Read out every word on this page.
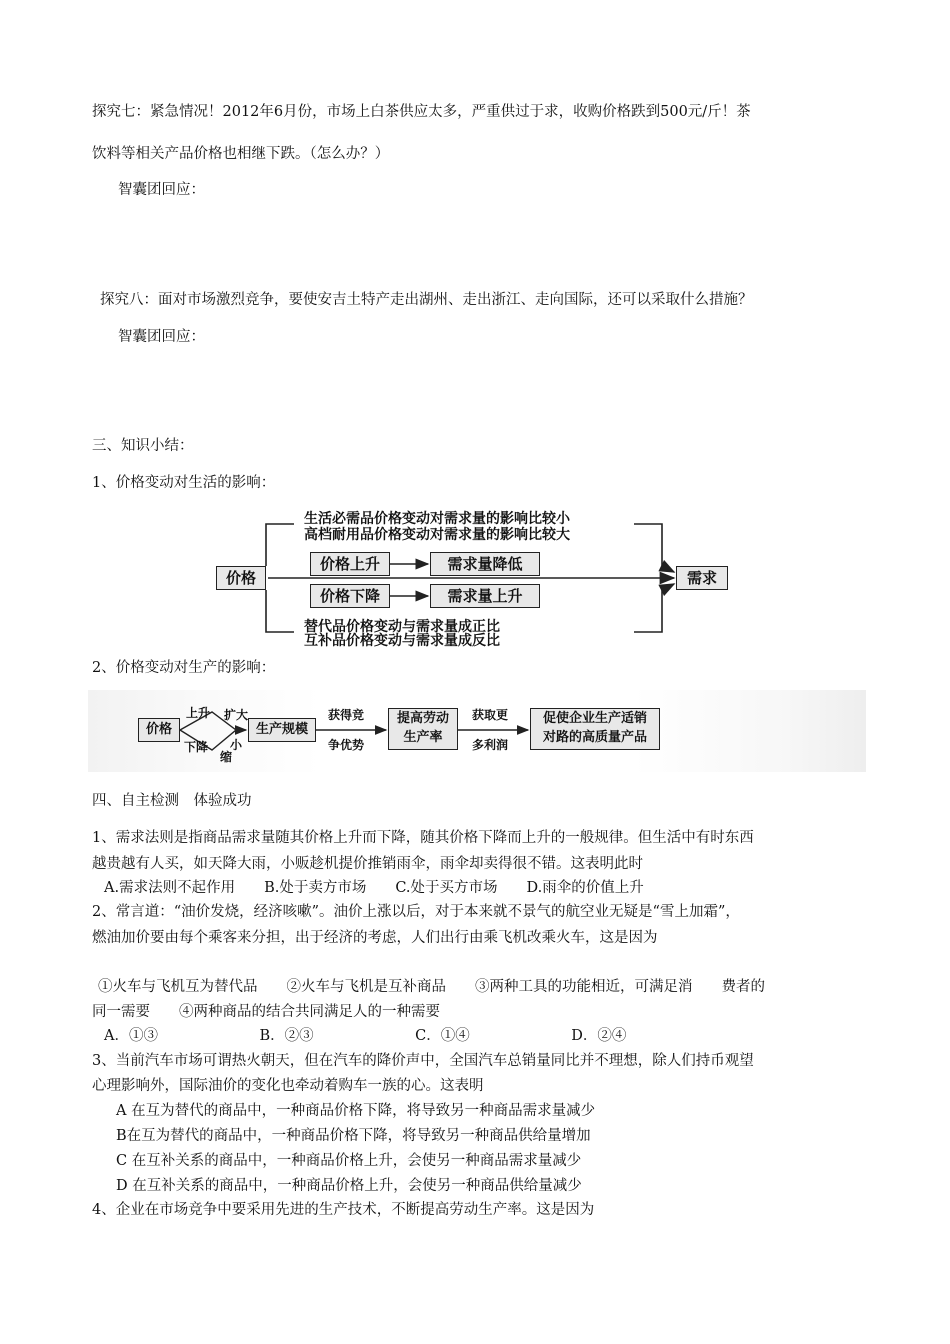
探究七：紧急情况！2012年6月份，市场上白茶供应太多，严重供过于求，收购价格跌到500元/斤！茶
饮料等相关产品价格也相继下跌。（怎么办？）
智囊团回应：
探究八：面对市场激烈竞争，要使安吉土特产走出湖州、走出浙江、走向国际，还可以采取什么措施？
智囊团回应：
三、知识小结：
1、价格变动对生活的影响：
价格	需求
生活必需品价格变动对需求量的影响比较小
高档耐用品价格变动对需求量的影响比较大
价格上升	需求量降低
价格下降	需求量上升
替代品价格变动与需求量成正比
互补品价格变动与需求量成反比
2、价格变动对生产的影响：
价格
上升 扩大
下降 小
缩
生产规模
获得竞
争优势
提高劳动
生产率
获取更
多利润
促使企业生产适销
对路的高质量产品
四、自主检测　体验成功
1、需求法则是指商品需求量随其价格上升而下降，随其价格下降而上升的一般规律。但生活中有时东西
越贵越有人买，如天降大雨，小贩趁机提价推销雨伞，雨伞却卖得很不错。这表明此时
A.需求法则不起作用　　B.处于卖方市场　　C.处于买方市场　　D.雨伞的价值上升
2、常言道：“油价发烧，经济咳嗽”。油价上涨以后，对于本来就不景气的航空业无疑是“雪上加霜”，
燃油加价要由每个乘客来分担，出于经济的考虑，人们出行由乘飞机改乘火车，这是因为
①火车与飞机互为替代品　　②火车与飞机是互补商品　　③两种工具的功能相近，可满足消　　费者的
同一需要　　④两种商品的结合共同满足人的一种需要
A．①③　　　　　　　B．②③　　　　　　　C．①④　　　　　　　D．②④
3、当前汽车市场可谓热火朝天，但在汽车的降价声中，全国汽车总销量同比并不理想，除人们持币观望
心理影响外，国际油价的变化也牵动着购车一族的心。这表明
A 在互为替代的商品中，一种商品价格下降，将导致另一种商品需求量减少
B在互为替代的商品中，一种商品价格下降，将导致另一种商品供给量增加
C 在互补关系的商品中，一种商品价格上升，会使另一种商品需求量减少
D 在互补关系的商品中，一种商品价格上升，会使另一种商品供给量减少
4、企业在市场竞争中要采用先进的生产技术，不断提高劳动生产率。这是因为
